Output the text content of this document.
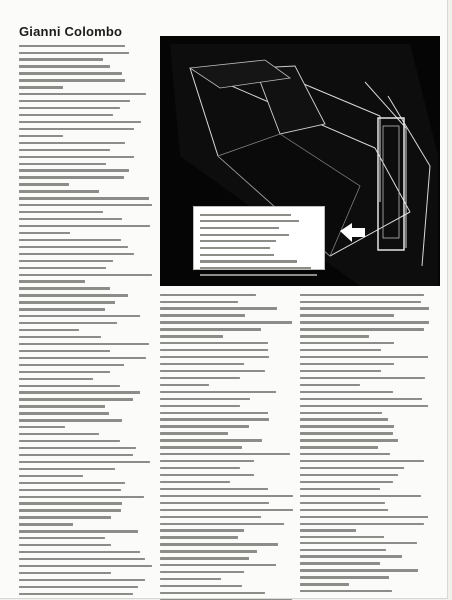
Gianni Colombo
